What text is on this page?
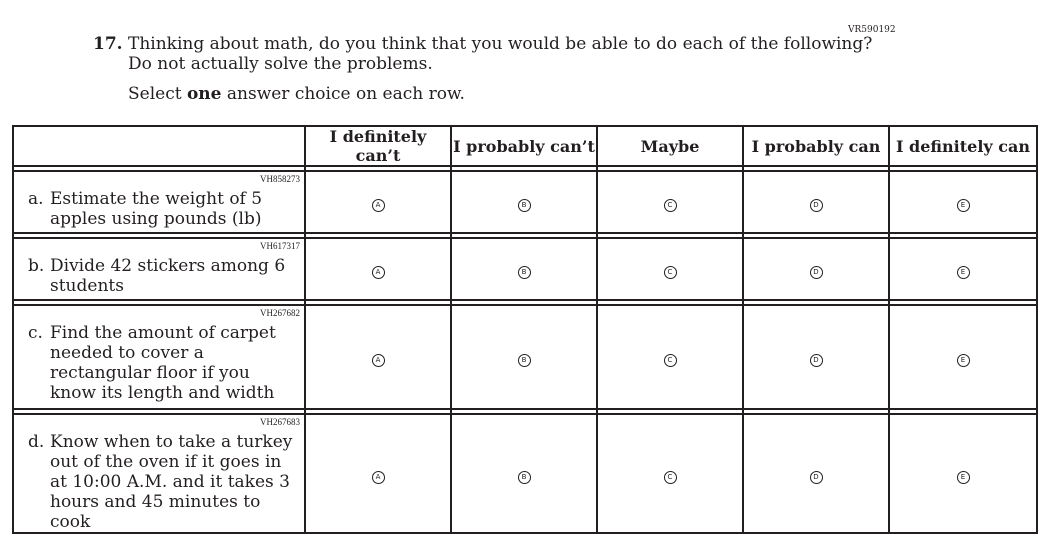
VR590192
17. Thinking about math, do you think that you would be able to do each of the following?
Do not actually solve the problems.
Select one answer choice on each row.
	I definitely can’t	I probably can’t	Maybe	I probably can	I definitely can

VH858273
a. Estimate the weight of 5 apples using pounds (lb)	A	B	C	D	E

VH617317
b. Divide 42 stickers among 6 students	A	B	C	D	E

VH267682
c. Find the amount of carpet needed to cover a rectangular floor if you know its length and width	A	B	C	D	E

VH267683
d. Know when to take a turkey out of the oven if it goes in at 10:00 A.M. and it takes 3 hours and 45 minutes to cook	A	B	C	D	E
